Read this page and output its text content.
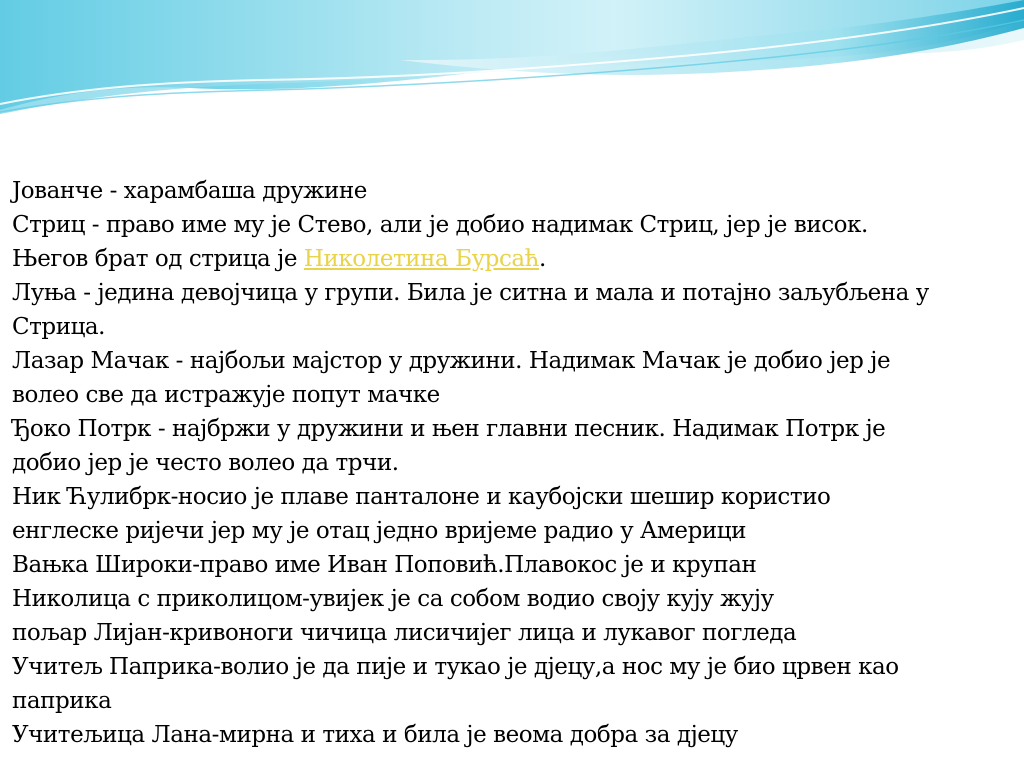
Јованче - харамбаша дружине
Стриц - право име му је Стево, али је добио надимак Стриц, јер је висок.
Његов брат од стрица је Николетина Бурсаћ.
Луња - једина девојчица у групи. Била је ситна и мала и потајно заљубљена у
Стрица.
Лазар Мачак - најбољи мајстор у дружини. Надимак Мачак је добио јер је
волео све да истражује попут мачке
Ђоко Потрк - најбржи у дружини и њен главни песник. Надимак Потрк је
добио јер је често волео да трчи.
Ник Ћулибрк-носио је плаве панталоне и каубојски шешир користио
енглеске ријечи јер му је отац једно вријеме радио у Америци
Вањка Широки-право име Иван Поповић.Плавокос је и крупан
Николица с приколицом-увијек је са собом водио своју кују жују
пољар Лијан-кривоноги чичица лисичијег лица и лукавог погледа
Учитељ Паприка-волио је да пије и тукао је дјецу,а нос му је био црвен као
паприка
Учитељица Лана-мирна и тиха и била је веома добра за дјецу
